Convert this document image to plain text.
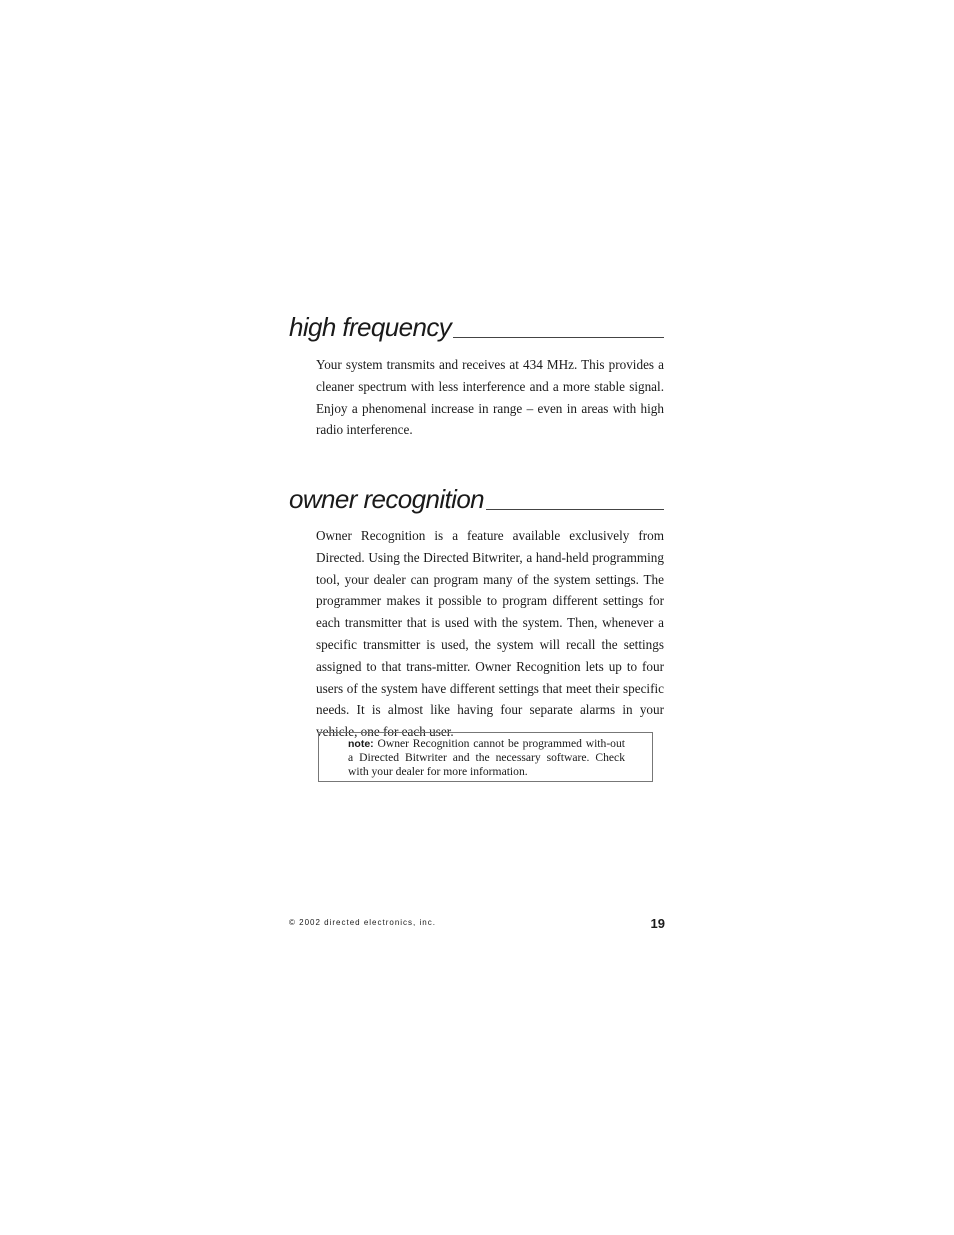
high frequency

Your system transmits and receives at 434 MHz. This provides a cleaner spectrum with less interference and a more stable signal. Enjoy a phenomenal increase in range – even in areas with high radio interference.

owner recognition

Owner Recognition is a feature available exclusively from Directed. Using the Directed Bitwriter, a hand-held programming tool, your dealer can program many of the system settings. The programmer makes it possible to program different settings for each transmitter that is used with the system. Then, whenever a specific transmitter is used, the system will recall the settings assigned to that trans-mitter. Owner Recognition lets up to four users of the system have different settings that meet their specific needs. It is almost like having four separate alarms in your vehicle, one for each user.

note: Owner Recognition cannot be programmed with-out a Directed Bitwriter and the necessary software. Check with your dealer for more information.

© 2002 directed electronics, inc.	19
